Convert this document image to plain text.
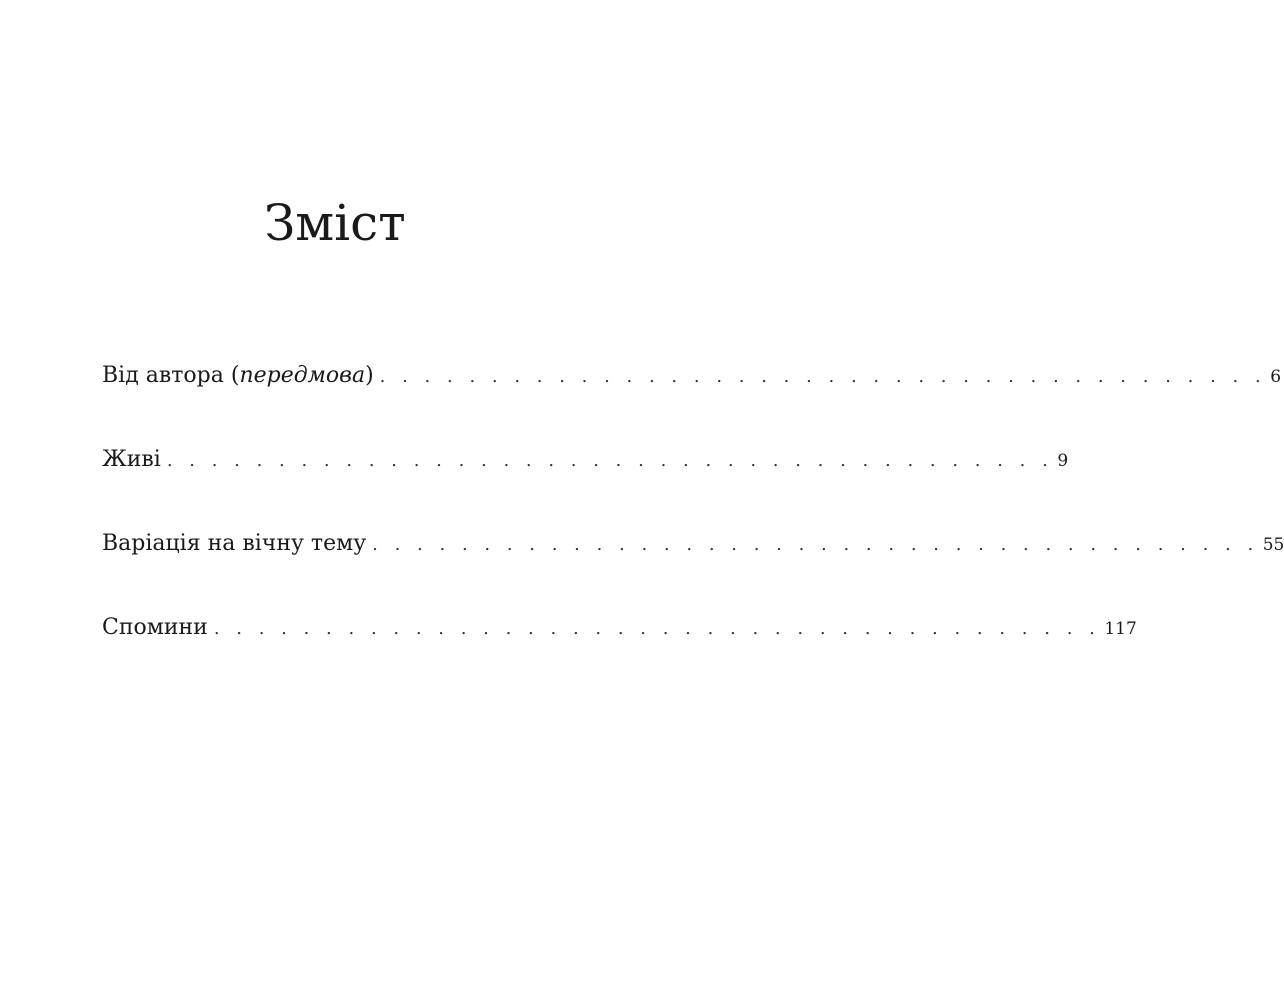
Зміст
Від автора (передмова) . . . . . . . . . . . . . . . . . . . . . . . . . . . . . . . . . . . . . . . . 6
Живі . . . . . . . . . . . . . . . . . . . . . . . . . . . . . . . . . . . . . . . . 9
Варіація на вічну тему . . . . . . . . . . . . . . . . . . . . . . . . . . . . . . . . . . . . . . . . 55
Спомини . . . . . . . . . . . . . . . . . . . . . . . . . . . . . . . . . . . . . . . . 117
